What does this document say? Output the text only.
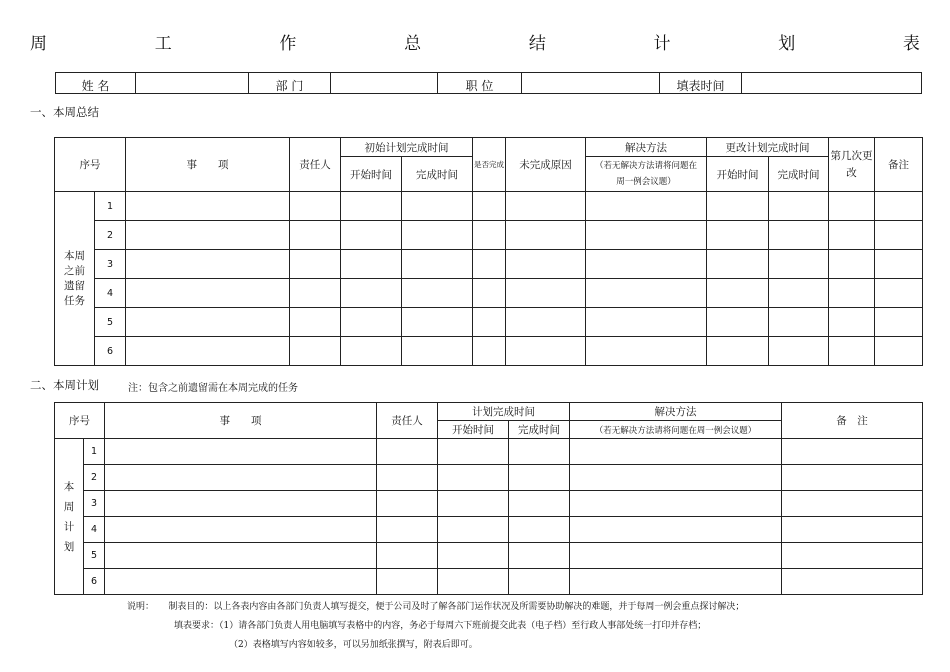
周	工	作	总	结	计	划	表
姓 名		部 门		职 位		填表时间	
一、本周总结
序号		事　　项	责任人	初始计划完成时间		是否完成	未完成原因	解决方法	更改计划完成时间		第几次更改	备注
				开始时间	完成时间			（若无解决方法请将问题在周一例会议题）	开始时间	完成时间		
本周之前遗留任务	1											
	2											
	3											
	4											
	5											
	6											
二、本周计划	注：包含之前遗留需在本周完成的任务
序号		事　　项	责任人	计划完成时间		解决方法	备　注
				开始时间	完成时间	（若无解决方法请将问题在周一例会议题）	
本周计划	1						
	2						
	3						
	4						
	5						
	6						
说明： 制表目的：以上各表内容由各部门负责人填写提交，便于公司及时了解各部门运作状况及所需要协助解决的难题，并于每周一例会重点探讨解决；
填表要求：（1）请各部门负责人用电脑填写表格中的内容，务必于每周六下班前提交此表（电子档）至行政人事部处统一打印并存档；
（2）表格填写内容如较多，可以另加纸张撰写，附表后即可。
